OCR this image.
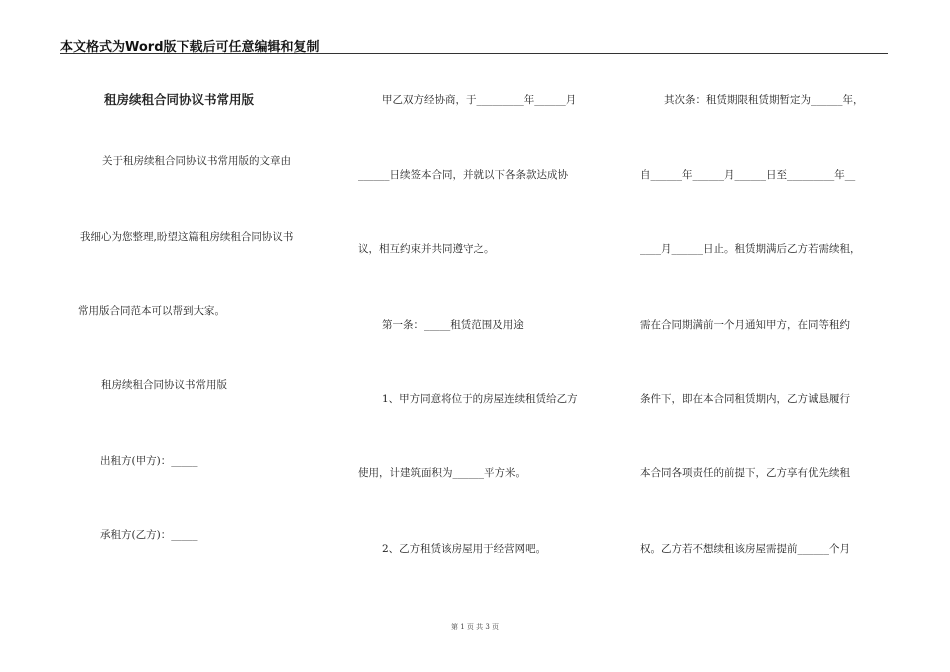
本文格式为Word版下载后可任意编辑和复制
租房续租合同协议书常用版
关于租房续租合同协议书常用版的文章由
我细心为您整理,盼望这篇租房续租合同协议书
常用版合同范本可以帮到大家。
租房续租合同协议书常用版
出租方(甲方)：_____
承租方(乙方)：_____
甲乙双方经协商，于_________年______月
______日续签本合同，并就以下各条款达成协
议，相互约束并共同遵守之。
第一条：_____租赁范围及用途
1、甲方同意将位于的房屋连续租赁给乙方
使用，计建筑面积为______平方米。
2、乙方租赁该房屋用于经营网吧。
其次条：租赁期限租赁期暂定为______年，
自______年______月______日至_________年__
____月______日止。租赁期满后乙方若需续租，
需在合同期满前一个月通知甲方，在同等租约
条件下，即在本合同租赁期内，乙方诚恳履行
本合同各项责任的前提下，乙方享有优先续租
权。乙方若不想续租该房屋需提前______个月
第 1 页 共 3 页
